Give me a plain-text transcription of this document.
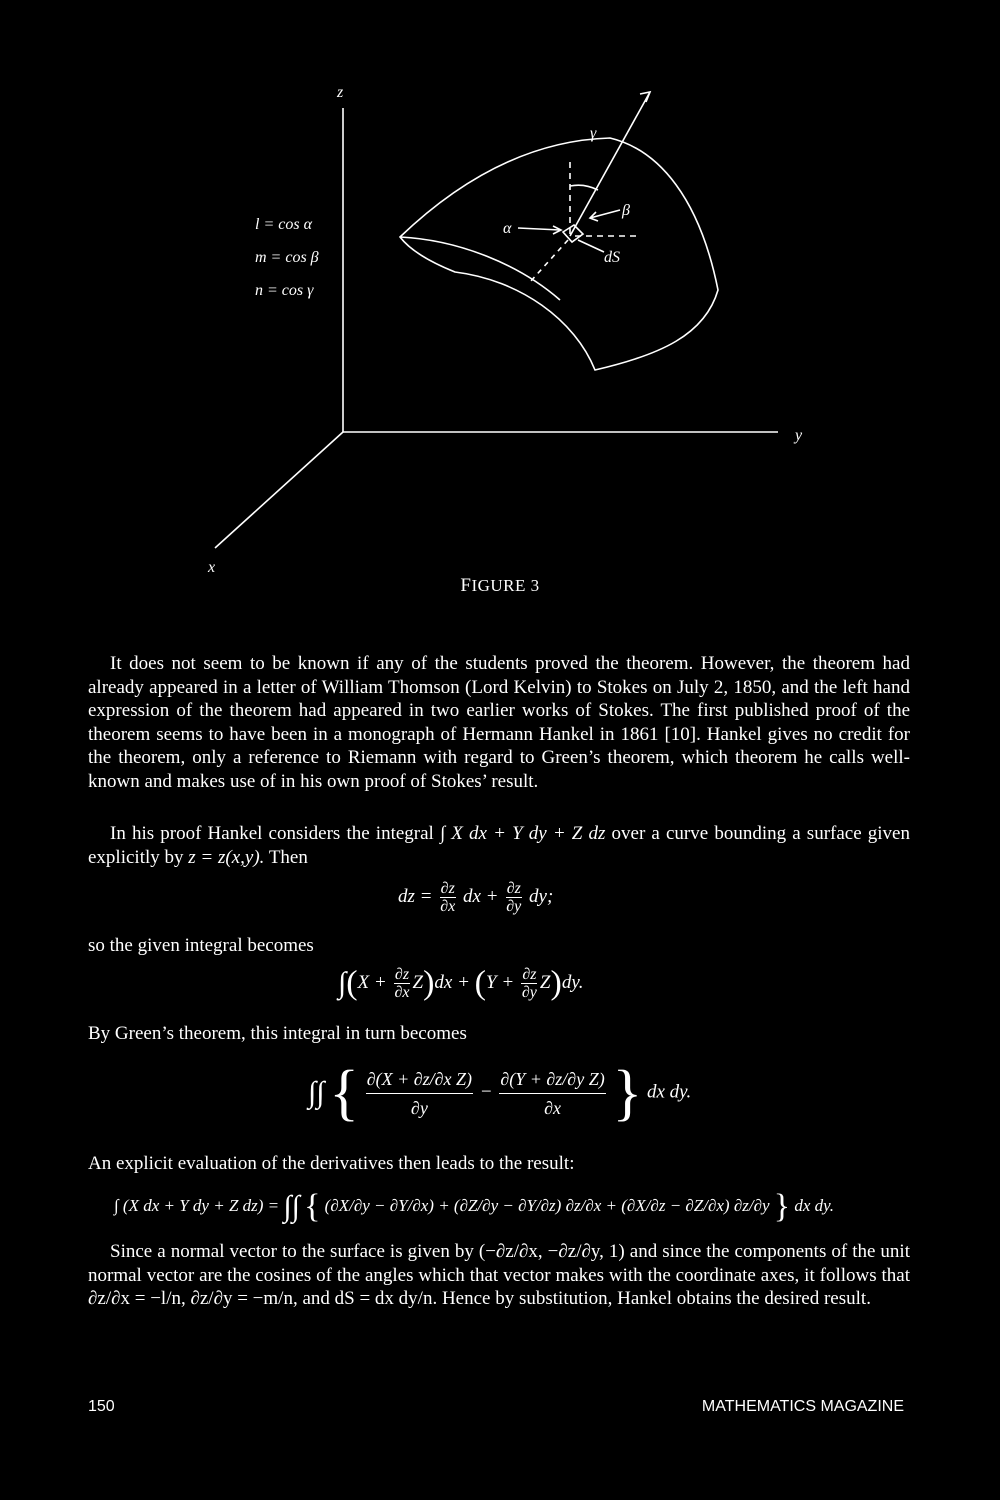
l = cos α
m = cos β
n = cos γ
z
y
x
α
β
γ
dS
FIGURE 3
It does not seem to be known if any of the students proved the theorem. However, the theorem had already appeared in a letter of William Thomson (Lord Kelvin) to Stokes on July 2, 1850, and the left hand expression of the theorem had appeared in two earlier works of Stokes. The first published proof of the theorem seems to have been in a monograph of Hermann Hankel in 1861 [10]. Hankel gives no credit for the theorem, only a reference to Riemann with regard to Green’s theorem, which theorem he calls well-known and makes use of in his own proof of Stokes’ result.
In his proof Hankel considers the integral ∫ X dx + Y dy + Z dz over a curve bounding a surface given explicitly by z = z(x,y). Then
dz = $\frac{\partial z}{\partial x}$ dx + $\frac{\partial z}{\partial y}$ dy;
so the given integral becomes
$\int(X + \frac{\partial z}{\partial x} Z)dx + (Y + \frac{\partial z}{\partial y} Z)dy$.
By Green’s theorem, this integral in turn becomes
∫∫ { $\frac{\text{∂(X + ∂z/∂x Z)}}{\partial y} - \frac{\text{∂(Y + ∂z/∂y Z)}}{\partial x}$ } dx dy.
An explicit evaluation of the derivatives then leads to the result:
∫ (X dx + Y dy + Z dz) = ∫∫ { (∂X/∂y − ∂Y/∂x) + (∂Z/∂y − ∂Y/∂z) ∂z/∂x + (∂X/∂z − ∂Z/∂x) ∂z/∂y } dx dy.
Since a normal vector to the surface is given by (−∂z/∂x, −∂z/∂y, 1) and since the components of the unit normal vector are the cosines of the angles which that vector makes with the coordinate axes, it follows that ∂z/∂x = −l/n, ∂z/∂y = −m/n, and dS = dx dy/n. Hence by substitution, Hankel obtains the desired result.
150	MATHEMATICS MAGAZINE
